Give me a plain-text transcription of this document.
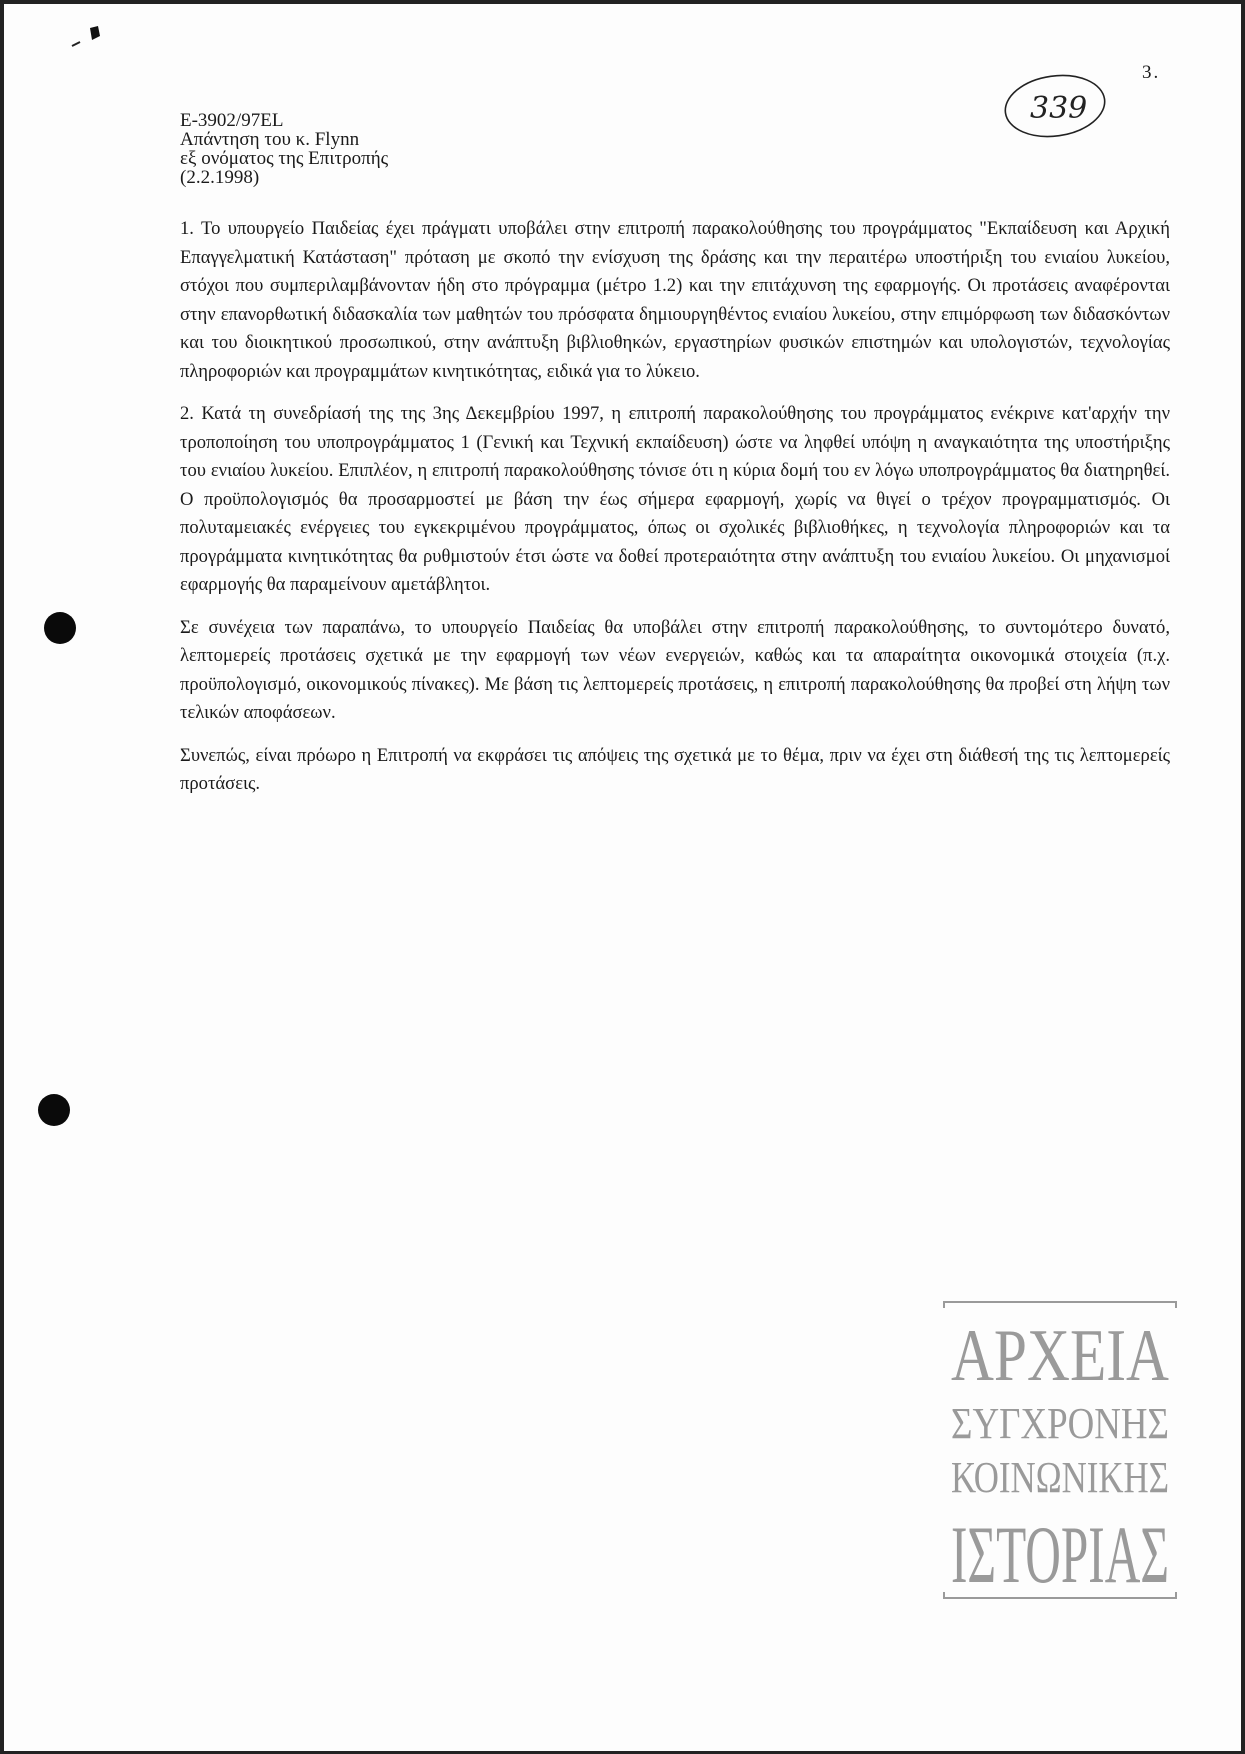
3.
339
E-3902/97EL
Απάντηση του κ. Flynn
εξ ονόματος της Επιτροπής
(2.2.1998)

1. Το υπουργείο Παιδείας έχει πράγματι υποβάλει στην επιτροπή παρακολούθησης του προγράμματος "Εκπαίδευση και Αρχική Επαγγελματική Κατάσταση" πρόταση με σκοπό την ενίσχυση της δράσης και την περαιτέρω υποστήριξη του ενιαίου λυκείου, στόχοι που συμπεριλαμβάνονταν ήδη στο πρόγραμμα (μέτρο 1.2) και την επιτάχυνση της εφαρμογής. Οι προτάσεις αναφέρονται στην επανορθωτική διδασκαλία των μαθητών του πρόσφατα δημιουργηθέντος ενιαίου λυκείου, στην επιμόρφωση των διδασκόντων και του διοικητικού προσωπικού, στην ανάπτυξη βιβλιοθηκών, εργαστηρίων φυσικών επιστημών και υπολογιστών, τεχνολογίας πληροφοριών και προγραμμάτων κινητικότητας, ειδικά για το λύκειο.

2. Κατά τη συνεδρίασή της της 3ης Δεκεμβρίου 1997, η επιτροπή παρακολούθησης του προγράμματος ενέκρινε κατ'αρχήν την τροποποίηση του υποπρογράμματος 1 (Γενική και Τεχνική εκπαίδευση) ώστε να ληφθεί υπόψη η αναγκαιότητα της υποστήριξης του ενιαίου λυκείου. Επιπλέον, η επιτροπή παρακολούθησης τόνισε ότι η κύρια δομή του εν λόγω υποπρογράμματος θα διατηρηθεί. Ο προϋπολογισμός θα προσαρμοστεί με βάση την έως σήμερα εφαρμογή, χωρίς να θιγεί ο τρέχον προγραμματισμός. Οι πολυταμειακές ενέργειες του εγκεκριμένου προγράμματος, όπως οι σχολικές βιβλιοθήκες, η τεχνολογία πληροφοριών και τα προγράμματα κινητικότητας θα ρυθμιστούν έτσι ώστε να δοθεί προτεραιότητα στην ανάπτυξη του ενιαίου λυκείου. Οι μηχανισμοί εφαρμογής θα παραμείνουν αμετάβλητοι.

Σε συνέχεια των παραπάνω, το υπουργείο Παιδείας θα υποβάλει στην επιτροπή παρακολούθησης, το συντομότερο δυνατό, λεπτομερείς προτάσεις σχετικά με την εφαρμογή των νέων ενεργειών, καθώς και τα απαραίτητα οικονομικά στοιχεία (π.χ. προϋπολογισμό, οικονομικούς πίνακες). Με βάση τις λεπτομερείς προτάσεις, η επιτροπή παρακολούθησης θα προβεί στη λήψη των τελικών αποφάσεων.

Συνεπώς, είναι πρόωρο η Επιτροπή να εκφράσει τις απόψεις της σχετικά με το θέμα, πριν να έχει στη διάθεσή της τις λεπτομερείς προτάσεις.

ΑΡΧΕΙΑ
ΣΥΓΧΡΟΝΗΣ
ΚΟΙΝΩΝΙΚΗΣ
ΙΣΤΟΡΙΑΣ
